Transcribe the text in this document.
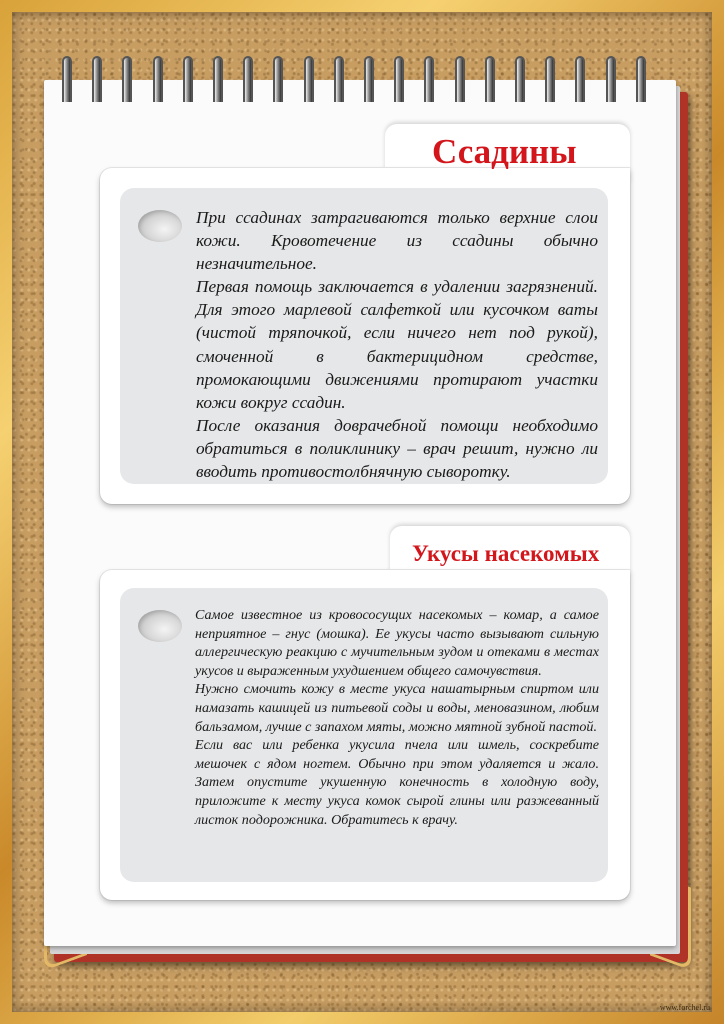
Ссадины

При ссадинах затрагиваются только верхние слои кожи. Кровотечение из ссадины обычно незначительное.

Первая помощь заключается в удалении загрязнений. Для этого марлевой салфеткой или кусочком ваты (чистой тряпочкой, если ничего нет под рукой), смоченной в бактерицидном средстве, промокающими движениями протирают участки кожи вокруг ссадин.

После оказания доврачебной помощи необходимо обратиться в поликлинику – врач решит, нужно ли вводить противостолбнячную сыворотку.

Укусы насекомых

Самое известное из кровососущих насекомых – комар, а самое неприятное – гнус (мошка). Ее укусы часто вызывают сильную аллергическую реакцию с мучительным зудом и отеками в местах укусов и выраженным ухудшением общего самочувствия.

Нужно смочить кожу в месте укуса нашатырным спиртом или намазать кашицей из питьевой соды и воды, меновазином, любим бальзамом, лучше с запахом мяты, можно мятной зубной пастой.

Если вас или ребенка укусила пчела или шмель, соскребите мешочек с ядом ногтем. Обычно при этом удаляется и жало. Затем опустите укушенную конечность в холодную воду, приложите к месту укуса комок сырой глины или разжеванный листок подорожника. Обратитесь к врачу.

www.forchel.ru
